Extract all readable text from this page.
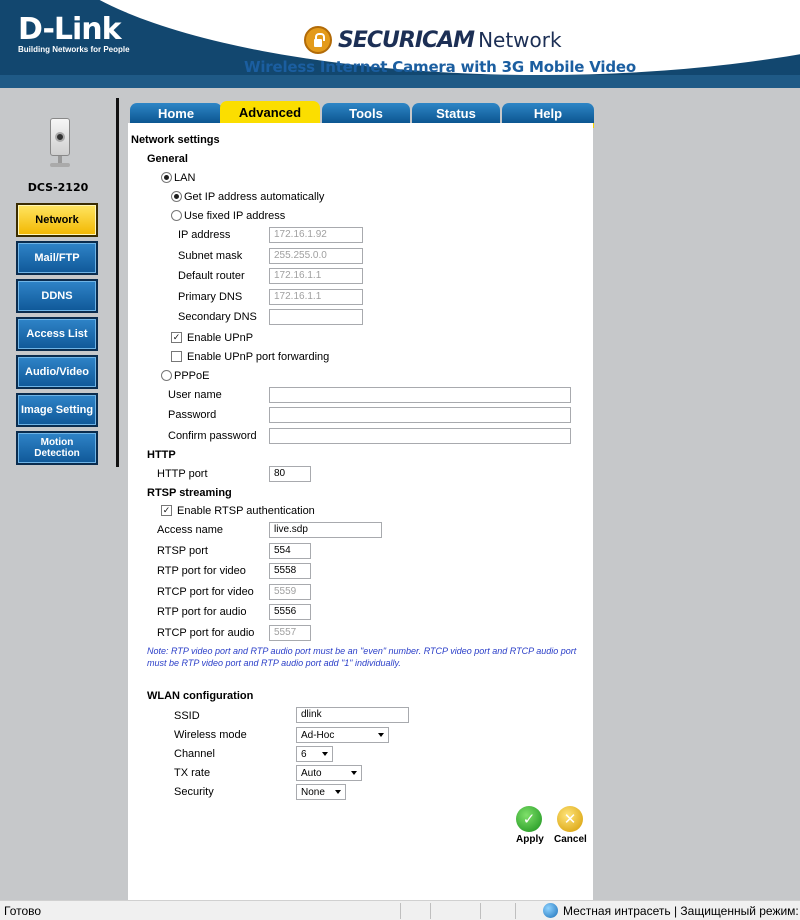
D-Link
Building Networks for People	SECURICAM Network
Wireless Internet Camera with 3G Mobile Video
DCS-2120
Network
Mail/FTP
DDNS
Access List
Audio/Video
Image Setting
Motion Detection
Home	Advanced	Tools	Status	Help
Network settings
General
LAN
Get IP address automatically
Use fixed IP address
IP address	172.16.1.92
Subnet mask	255.255.0.0
Default router	172.16.1.1
Primary DNS	172.16.1.1
Secondary DNS
✓ Enable UPnP
Enable UPnP port forwarding
PPPoE
User name
Password
Confirm password
HTTP
HTTP port	80
RTSP streaming
✓ Enable RTSP authentication
Access name	live.sdp
RTSP port	554
RTP port for video	5558
RTCP port for video	5559
RTP port for audio	5556
RTCP port for audio	5557
Note: RTP video port and RTP audio port must be an "even" number. RTCP video port and RTCP audio port must be RTP video port and RTP audio port add "1" individually.
WLAN configuration
SSID	dlink
Wireless mode	Ad-Hoc
Channel	6
TX rate	Auto
Security	None
✓
Apply
✕
Cancel
Готово	Местная интрасеть | Защищенный режим:
